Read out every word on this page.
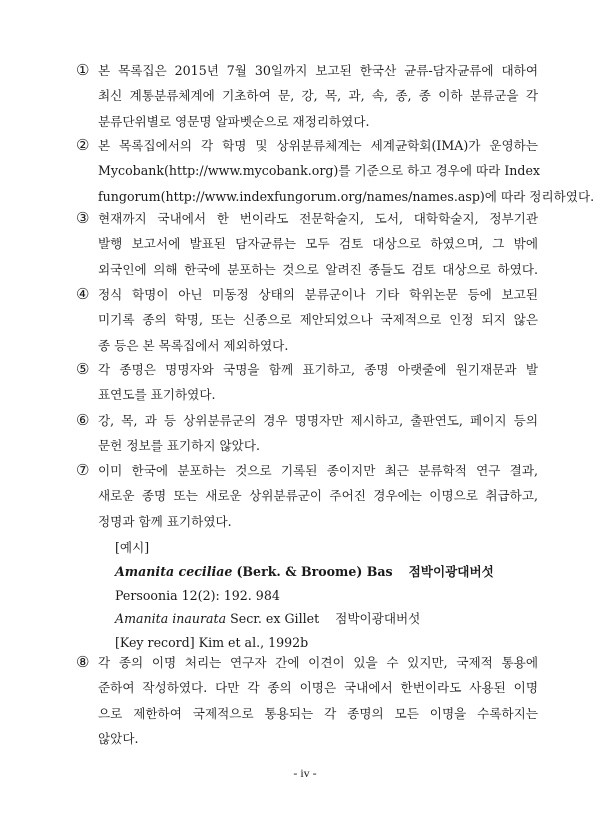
① 본 목록집은 2015년 7월 30일까지 보고된 한국산 균류-담자균류에 대하여
최신 계통분류체계에 기초하여 문, 강, 목, 과, 속, 종, 종 이하 분류군을 각
분류단위별로 영문명 알파벳순으로 재정리하였다.
② 본 목록집에서의 각 학명 및 상위분류체계는 세계균학회(IMA)가 운영하는
Mycobank(http://www.mycobank.org)를 기준으로 하고 경우에 따라 Index
fungorum(http://www.indexfungorum.org/names/names.asp)에 따라 정리하였다.
③ 현재까지 국내에서 한 번이라도 전문학술지, 도서, 대학학술지, 정부기관
발행 보고서에 발표된 담자균류는 모두 검토 대상으로 하였으며, 그 밖에
외국인에 의해 한국에 분포하는 것으로 알려진 종들도 검토 대상으로 하였다.
④ 정식 학명이 아닌 미동정 상태의 분류군이나 기타 학위논문 등에 보고된
미기록 종의 학명, 또는 신종으로 제안되었으나 국제적으로 인정 되지 않은
종 등은 본 목록집에서 제외하였다.
⑤ 각 종명은 명명자와 국명을 함께 표기하고, 종명 아랫줄에 원기재문과 발
표연도를 표기하였다.
⑥ 강, 목, 과 등 상위분류군의 경우 명명자만 제시하고, 출판연도, 페이지 등의
문헌 정보를 표기하지 않았다.
⑦ 이미 한국에 분포하는 것으로 기록된 종이지만 최근 분류학적 연구 결과,
새로운 종명 또는 새로운 상위분류군이 주어진 경우에는 이명으로 취급하고,
정명과 함께 표기하였다.
[예시]
Amanita ceciliae (Berk. & Broome) Bas 점박이광대버섯
Persoonia 12(2): 192. 984
Amanita inaurata Secr. ex Gillet 점박이광대버섯
[Key record] Kim et al., 1992b
⑧ 각 종의 이명 처리는 연구자 간에 이견이 있을 수 있지만, 국제적 통용에
준하여 작성하였다. 다만 각 종의 이명은 국내에서 한번이라도 사용된 이명
으로 제한하여 국제적으로 통용되는 각 종명의 모든 이명을 수록하지는
않았다.
- iv -
